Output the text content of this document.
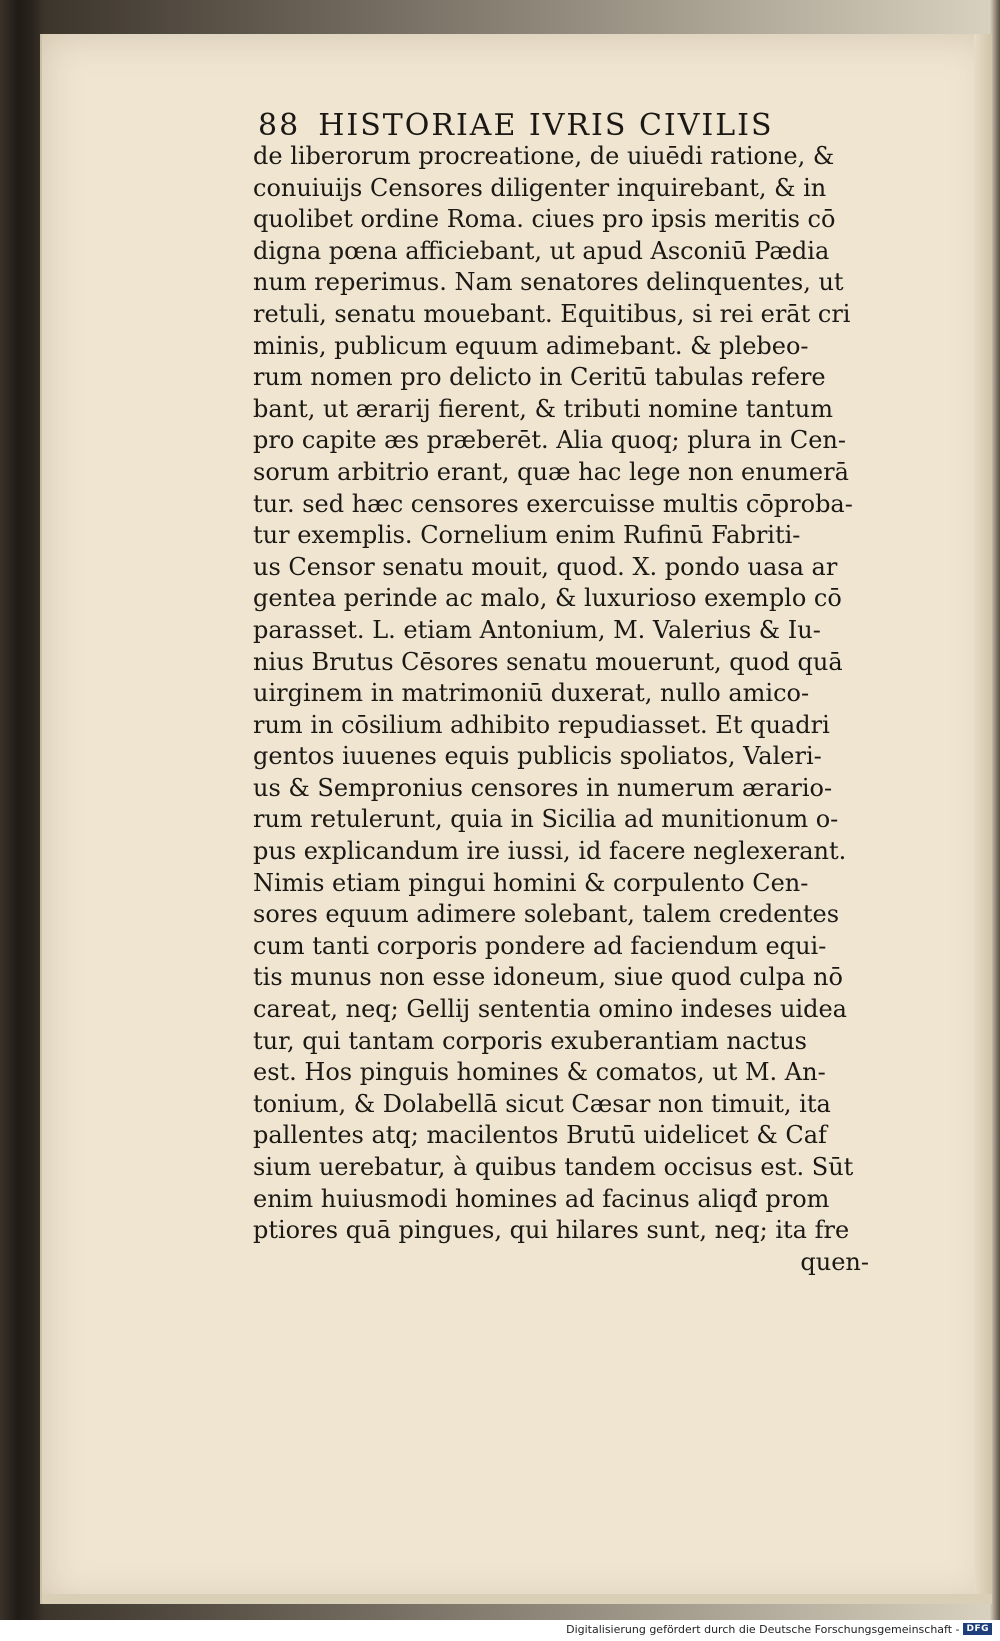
88 HISTORIAE IVRIS CIVILIS
de liberorum procreatione, de uiuēdi ratione, &
conuiuijs Censores diligenter inquirebant, & in
quolibet ordine Roma. ciues pro ipsis meritis cō
digna pœna afficiebant, ut apud Asconiū Pædia
num reperimus. Nam senatores delinquentes, ut
retuli, senatu mouebant. Equitibus, si rei erāt cri
minis, publicum equum adimebant. & plebeo-
rum nomen pro delicto in Ceritū tabulas refere
bant, ut ærarij fierent, & tributi nomine tantum
pro capite æs præberēt. Alia quoq; plura in Cen-
sorum arbitrio erant, quæ hac lege non enumerā
tur. sed hæc censores exercuisse multis cōproba-
tur exemplis. Cornelium enim Rufinū Fabriti-
us Censor senatu mouit, quod. X. pondo uasa ar
gentea perinde ac malo, & luxurioso exemplo cō
parasset. L. etiam Antonium, M. Valerius & Iu-
nius Brutus Cēsores senatu mouerunt, quod quā
uirginem in matrimoniū duxerat, nullo amico-
rum in cōsilium adhibito repudiasset. Et quadri
gentos iuuenes equis publicis spoliatos, Valeri-
us & Sempronius censores in numerum ærario-
rum retulerunt, quia in Sicilia ad munitionum o-
pus explicandum ire iussi, id facere neglexerant.
Nimis etiam pingui homini & corpulento Cen-
sores equum adimere solebant, talem credentes
cum tanti corporis pondere ad faciendum equi-
tis munus non esse idoneum, siue quod culpa nō
careat, neq; Gellij sententia omino indeses uidea
tur, qui tantam corporis exuberantiam nactus
est. Hos pinguis homines & comatos, ut M. An-
tonium, & Dolabellā sicut Cæsar non timuit, ita
pallentes atq; macilentos Brutū uidelicet & Caf
sium uerebatur, à quibus tandem occisus est. Sūt
enim huiusmodi homines ad facinus aliqđ prom
ptiores quā pingues, qui hilares sunt, neq; ita fre
quen-
Digitalisierung gefördert durch die Deutsche Forschungsgemeinschaft - DFG
